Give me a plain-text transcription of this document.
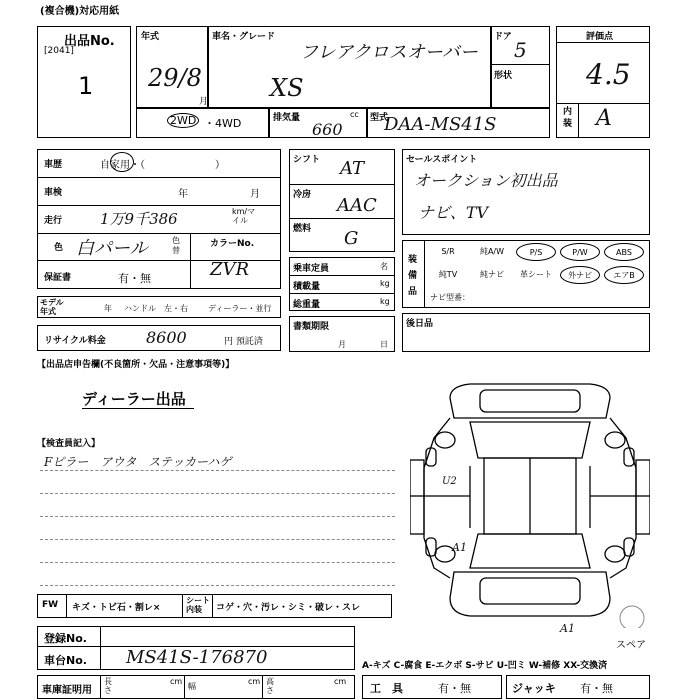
(複合機)対応用紙
出品No.
[2041]
1
年式
29/8
月
車名・グレード
フレアクロスオーバー
XS
ドア
5
形状
2WD ・4WD	排気量	cc
660
型式
DAA-MS41S
評価点
4.5
内装 A
車歴	自家用・（　　　　　　　）
車検	年	月
走行	1万9千386	km/マイル
色 白パール	色替
カラーNo.
ZVR
保証書	有・無
モデル年式	年 ハンドル　左・右	ディーラー・並行
リサイクル料金	8600	円 預託済
シフト AT
冷房 AAC
燃料 G
乗車定員	名
積載量	kg
総重量	kg
書類期限
月	日
セールスポイント
オークション初出品
ナビ、TV
装備品
S/R	純A/W	P/S	P/W	ABS
純TV	純ナビ	革シート	外ナビ	エアB
ナビ型番：
後日品
【出品店申告欄(不良箇所・欠品・注意事項等)】
ディーラー出品
【検査員記入】
Fピラー　アウタ　ステッカーハゲ
U2
A1
A1
スペア
FW キズ・トビ石・割レ×
シート内装	コゲ・穴・汚レ・シミ・破レ・スレ
登録No.
車台No. MS41S-176870	A-キズ C-腐食 E-エクボ S-サビ U-凹ミ W-補修 XX-交換済
車庫証明用
長さ
cm
幅
cm 高さ
cm
工　具	有・無	ジャッキ 有・無
